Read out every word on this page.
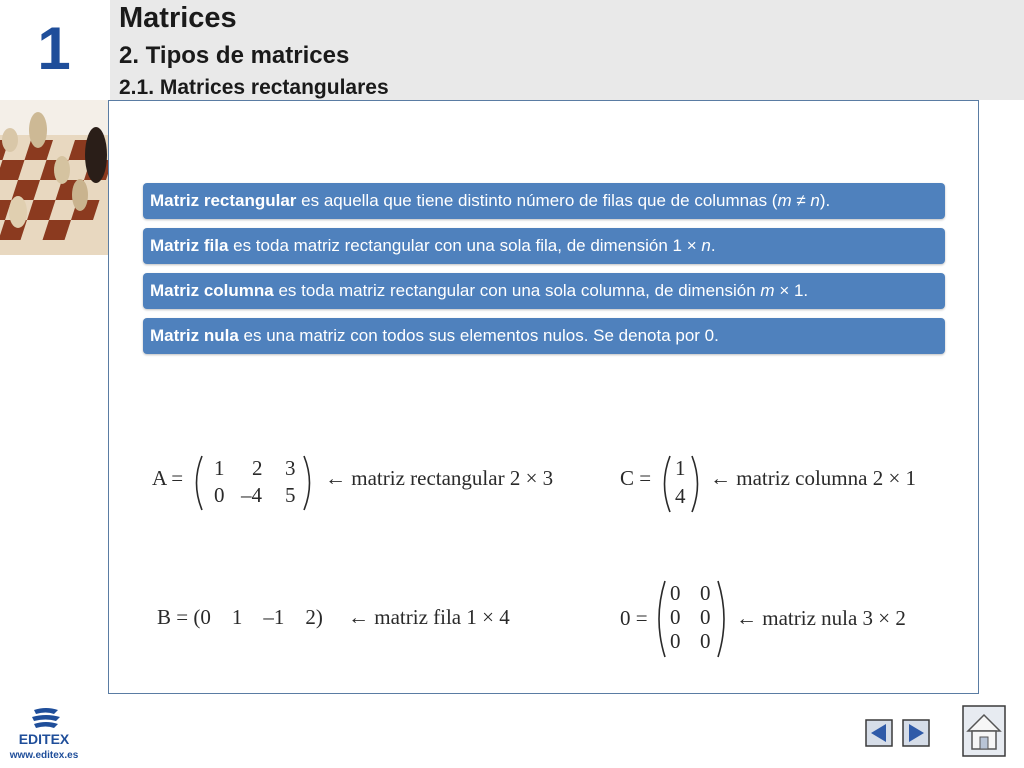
1	Matrices
2. Tipos de matrices
2.1. Matrices rectangulares
Matriz rectangular es aquella que tiene distinto número de filas que de columnas (m ≠ n).
Matriz fila es toda matriz rectangular con una sola fila, de dimensión 1 × n.
Matriz columna es toda matriz rectangular con una sola columna, de dimensión m × 1.
Matriz nula es una matriz con todos sus elementos nulos. Se denota por 0.
A = 1 2 3
0 –4 5
← matriz rectangular 2 × 3	C = 1
4
← matriz columna 2 × 1
B = (0    1    –1    2) ← matriz fila 1 × 4	0 =
0 0
0 0
0 0
← matriz nula 3 × 2
EDITEX
www.editex.es
